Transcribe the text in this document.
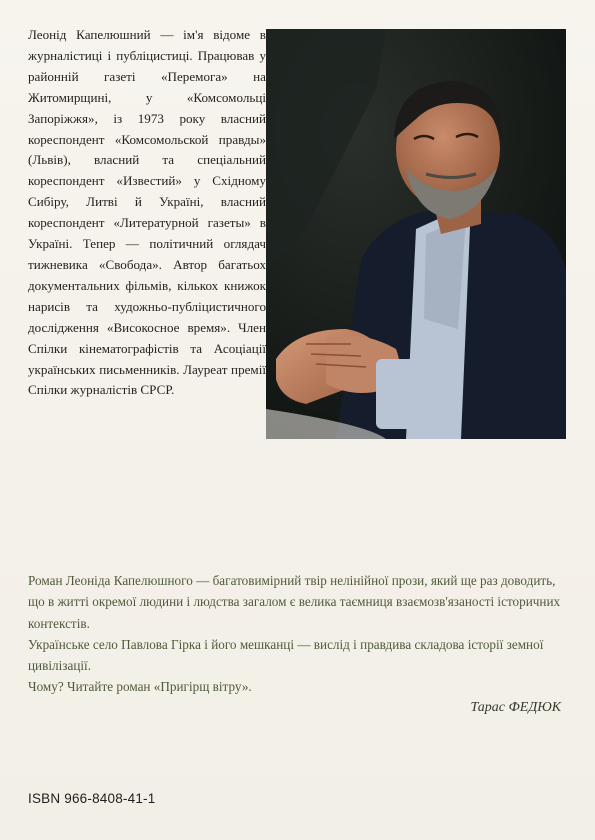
Леонід Капелюшний — ім'я відоме в журналістиці і публіцистиці. Працював у районній газеті «Перемога» на Житомирщині, у «Комсомольці Запоріжжя», із 1973 року власний кореспондент «Комсомольской правды» (Львів), власний та спеціальний кореспондент «Известий» у Східному Сибіру, Литві й Україні, власний кореспондент «Литературной газеты» в Україні. Тепер — політичний оглядач тижневика «Свобода». Автор багатьох документальних фільмів, кількох книжок нарисів та художньо-публіцистичного дослідження «Високосное время». Член Спілки кінематографістів та Асоціації українських письменників. Лауреат премії Спілки журналістів СРСР.

Роман Леоніда Капелюшного — багатовимірний твір нелінійної прози, який ще раз доводить, що в житті окремої людини і людства загалом є велика таємниця взаємозв'язаності історичних контекстів.

Українське село Павлова Гірка і його мешканці — вислід і правдива складова історії земної цивілізації.

Чому? Читайте роман «Пригірщ вітру».

Тарас ФЕДЮК
ISBN 966-8408-41-1
